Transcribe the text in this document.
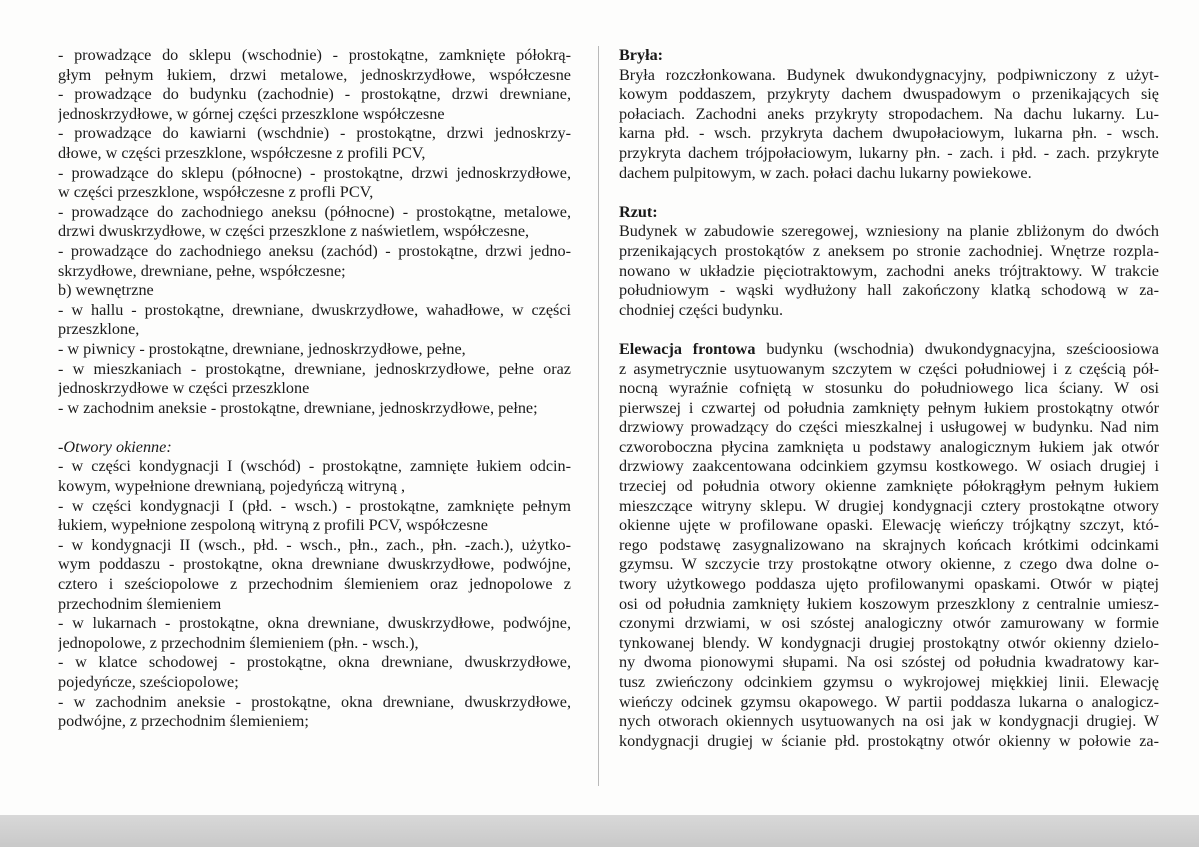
- prowadzące do sklepu (wschodnie) - prostokątne, zamknięte półokrą-
głym pełnym łukiem, drzwi metalowe, jednoskrzydłowe, współczesne
- prowadzące do budynku (zachodnie) - prostokątne, drzwi drewniane,
jednoskrzydłowe, w górnej części przeszklone współczesne
- prowadzące do kawiarni (wschdnie) - prostokątne, drzwi jednoskrzy-
dłowe, w części przeszklone, współczesne z profili PCV,
- prowadzące do sklepu (północne) - prostokątne, drzwi jednoskrzydłowe,
w części przeszklone, współczesne z profli PCV,
- prowadzące do zachodniego aneksu (północne) - prostokątne, metalowe,
drzwi dwuskrzydłowe, w części przeszklone z naświetlem, współczesne,
- prowadzące do zachodniego aneksu (zachód) - prostokątne, drzwi jedno-
skrzydłowe, drewniane, pełne, współczesne;
b) wewnętrzne
- w hallu - prostokątne, drewniane, dwuskrzydłowe, wahadłowe, w części
przeszklone,
- w piwnicy - prostokątne, drewniane, jednoskrzydłowe, pełne,
- w mieszkaniach - prostokątne, drewniane, jednoskrzydłowe, pełne oraz
jednoskrzydłowe w części przeszklone
- w zachodnim aneksie - prostokątne, drewniane, jednoskrzydłowe, pełne;
-Otwory okienne:
- w części kondygnacji I (wschód) - prostokątne, zamnięte łukiem odcin-
kowym, wypełnione drewnianą, pojedyńczą witryną ,
- w części kondygnacji I (płd. - wsch.) - prostokątne, zamknięte pełnym
łukiem, wypełnione zespoloną witryną z profili PCV, współczesne
- w kondygnacji II (wsch., płd. - wsch., płn., zach., płn. -zach.), użytko-
wym poddaszu - prostokątne, okna drewniane dwuskrzydłowe, podwójne,
cztero i sześciopolowe z przechodnim ślemieniem oraz jednopolowe z
przechodnim ślemieniem
- w lukarnach - prostokątne, okna drewniane, dwuskrzydłowe, podwójne,
jednopolowe, z przechodnim ślemieniem (płn. - wsch.),
- w klatce schodowej - prostokątne, okna drewniane, dwuskrzydłowe,
pojedyńcze, sześciopolowe;
- w zachodnim aneksie - prostokątne, okna drewniane, dwuskrzydłowe,
podwójne, z przechodnim ślemieniem;
Bryła:
Bryła rozczłonkowana. Budynek dwukondygnacyjny, podpiwniczony z użyt-
kowym poddaszem, przykryty dachem dwuspadowym o przenikających się
połaciach. Zachodni aneks przykryty stropodachem. Na dachu lukarny. Lu-
karna płd. - wsch. przykryta dachem dwupołaciowym, lukarna płn. - wsch.
przykryta dachem trójpołaciowym, lukarny płn. - zach. i płd. - zach. przykryte
dachem pulpitowym, w zach. połaci dachu lukarny powiekowe.
Rzut:
Budynek w zabudowie szeregowej, wzniesiony na planie zbliżonym do dwóch
przenikających prostokątów z aneksem po stronie zachodniej. Wnętrze rozpla-
nowano w układzie pięciotraktowym, zachodni aneks trójtraktowy. W trakcie
południowym - wąski wydłużony hall zakończony klatką schodową w za-
chodniej części budynku.
Elewacja frontowa budynku (wschodnia) dwukondygnacyjna, sześcioosiowa
z asymetrycznie usytuowanym szczytem w części południowej i z częścią pół-
nocną wyraźnie cofniętą w stosunku do południowego lica ściany. W osi
pierwszej i czwartej od południa zamknięty pełnym łukiem prostokątny otwór
drzwiowy prowadzący do części mieszkalnej i usługowej w budynku. Nad nim
czworoboczna płycina zamknięta u podstawy analogicznym łukiem jak otwór
drzwiowy zaakcentowana odcinkiem gzymsu kostkowego. W osiach drugiej i
trzeciej od południa otwory okienne zamknięte półokrągłym pełnym łukiem
mieszczące witryny sklepu. W drugiej kondygnacji cztery prostokątne otwory
okienne ujęte w profilowane opaski. Elewację wieńczy trójkątny szczyt, któ-
rego podstawę zasygnalizowano na skrajnych końcach krótkimi odcinkami
gzymsu. W szczycie trzy prostokątne otwory okienne, z czego dwa dolne o-
twory użytkowego poddasza ujęto profilowanymi opaskami. Otwór w piątej
osi od południa zamknięty łukiem koszowym przeszklony z centralnie umiesz-
czonymi drzwiami, w osi szóstej analogiczny otwór zamurowany w formie
tynkowanej blendy. W kondygnacji drugiej prostokątny otwór okienny dzielo-
ny dwoma pionowymi słupami. Na osi szóstej od południa kwadratowy kar-
tusz zwieńczony odcinkiem gzymsu o wykrojowej miękkiej linii. Elewację
wieńczy odcinek gzymsu okapowego. W partii poddasza lukarna o analogicz-
nych otworach okiennych usytuowanych na osi jak w kondygnacji drugiej. W
kondygnacji drugiej w ścianie płd. prostokątny otwór okienny w połowie za-
